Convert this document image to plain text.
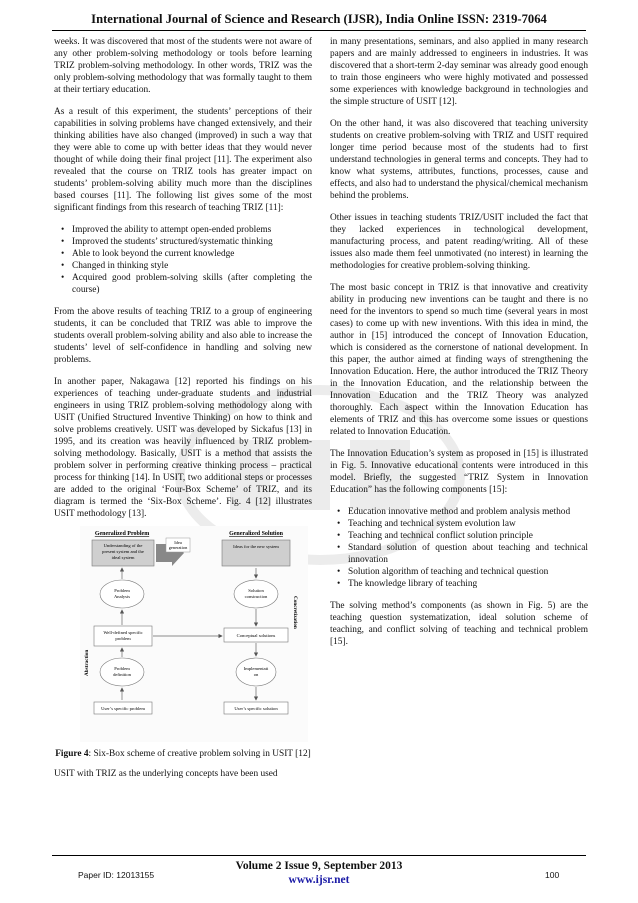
International Journal of Science and Research (IJSR), India Online ISSN: 2319-7064

weeks. It was discovered that most of the students were not aware of any other problem-solving methodology or tools before learning TRIZ problem-solving methodology. In other words, TRIZ was the only problem-solving methodology that was formally taught to them at their tertiary education.

As a result of this experiment, the students’ perceptions of their capabilities in solving problems have changed extensively, and their thinking abilities have also changed (improved) in such a way that they were able to come up with better ideas that they would never thought of while doing their final project [11]. The experiment also revealed that the course on TRIZ tools has greater impact on students’ problem-solving ability much more than the disciplines based courses [11]. The following list gives some of the most significant findings from this research of teaching TRIZ [11]:

• Improved the ability to attempt open-ended problems
• Improved the students’ structured/systematic thinking
• Able to look beyond the current knowledge
• Changed in thinking style
• Acquired good problem-solving skills (after completing the course)

From the above results of teaching TRIZ to a group of engineering students, it can be concluded that TRIZ was able to improve the students overall problem-solving ability and also able to increase the students’ level of self-confidence in handling and solving new problems.

In another paper, Nakagawa [12] reported his findings on his experiences of teaching under-graduate students and industrial engineers in using TRIZ problem-solving methodology along with USIT (Unified Structured Inventive Thinking) on how to think and solve problems creatively. USIT was developed by Sickafus [13] in 1995, and its creation was heavily influenced by TRIZ problem-solving methodology. Basically, USIT is a method that assists the problem solver in performing creative thinking process – practical process for thinking [14]. In USIT, two additional steps or processes are added to the original ‘Four-Box Scheme’ of TRIZ, and its diagram is termed the ‘Six-Box Scheme’. Fig. 4 [12] illustrates USIT methodology [13].

Generalized Problem	Generalized Solution
Understanding of the present system and the ideal system
Idea generation	Ideas for the new system
Problem Analysis
Well-defined specific problem
Problem definition
User’s specific problem
Solution construction
Conceptual solutions
Implementati on
User’s specific solution
Abstraction
Concretization
Figure 4: Six-Box scheme of creative problem solving in USIT [12]

USIT with TRIZ as the underlying concepts have been used

in many presentations, seminars, and also applied in many research papers and are mainly addressed to engineers in industries. It was discovered that a short-term 2-day seminar was already good enough to train those engineers who were highly motivated and possessed some experiences with knowledge background in technologies and the simple structure of USIT [12].

On the other hand, it was also discovered that teaching university students on creative problem-solving with TRIZ and USIT required longer time period because most of the students had to first understand technologies in general terms and concepts. They had to know what systems, attributes, functions, processes, cause and effects, and also had to understand the physical/chemical mechanism behind the problems.

Other issues in teaching students TRIZ/USIT included the fact that they lacked experiences in technological development, manufacturing process, and patent reading/writing. All of these issues also made them feel unmotivated (no interest) in learning the methodologies for creative problem-solving thinking.

The most basic concept in TRIZ is that innovative and creativity ability in producing new inventions can be taught and there is no need for the inventors to spend so much time (several years in most cases) to come up with new inventions. With this idea in mind, the author in [15] introduced the concept of Innovation Education, which is considered as the cornerstone of national development. In this paper, the author aimed at finding ways of strengthening the Innovation Education. Here, the author introduced the TRIZ Theory in the Innovation Education, and the relationship between the Innovation Education and the TRIZ Theory was analyzed thoroughly. Each aspect within the Innovation Education has elements of TRIZ and this has overcome some issues or questions related to Innovation Education.

The Innovation Education’s system as proposed in [15] is illustrated in Fig. 5. Innovative educational contents were introduced in this model. Briefly, the suggested “TRIZ System in Innovation Education” has the following components [15]:

• Education innovative method and problem analysis method
• Teaching and technical system evolution law
• Teaching and technical conflict solution principle
• Standard solution of question about teaching and technical innovation
• Solution algorithm of teaching and technical question
• The knowledge library of teaching

The solving method’s components (as shown in Fig. 5) are the teaching question systematization, ideal solution scheme of teaching, and conflict solving of teaching and technical problem [15].

Volume 2 Issue 9, September 2013
www.ijsr.net
Paper ID: 12013155	100
